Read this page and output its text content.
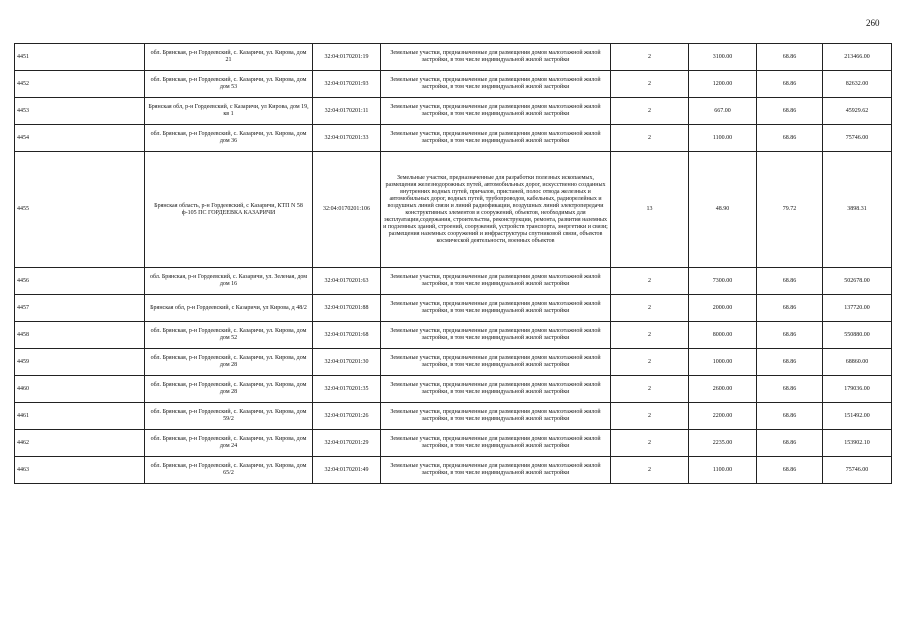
260
4451	обл. Брянская, р-н Гордеевский, с. Казаричи, ул. Кирова, дом 21	32:04:0170201:19	Земельные участки, предназначенные для размещения домов малоэтажной жилой застройки, в том числе индивидуальной жилой застройки	2	3100.00	68.86	213466.00
4452	обл. Брянская, р-н Гордеевский, с. Казаричи, ул. Кирова, дом дом 53	32:04:0170201:93	Земельные участки, предназначенные для размещения домов малоэтажной жилой застройки, в том числе индивидуальной жилой застройки	2	1200.00	68.86	82632.00
4453	Брянская обл, р-н Гордеевский, с Казаричи, ул Кирова, дом 19, кв 1	32:04:0170201:11	Земельные участки, предназначенные для размещения домов малоэтажной жилой застройки, в том числе индивидуальной жилой застройки	2	667.00	68.86	45929.62
4454	обл. Брянская, р-н Гордеевский, с. Казаричи, ул. Кирова, дом дом 36	32:04:0170201:33	Земельные участки, предназначенные для размещения домов малоэтажной жилой застройки, в том числе индивидуальной жилой застройки	2	1100.00	68.86	75746.00
4455	Брянская область, р-н Гордеевский, с Казаричи, КТП N 58 ф-105 ПС ГОРДЕЕВКА КАЗАРИЧИ	32:04:0170201:106	Земельные участки, предназначенные для разработки полезных ископаемых, размещения железнодорожных путей, автомобильных дорог, искусственно созданных внутренних водных путей, причалов, пристаней, полос отвода железных и автомобильных дорог, водных путей, трубопроводов, кабельных, радиорелейных и воздушных линий связи и линий радиофикации, воздушных линий электропередачи конструктивных элементов и сооружений, объектов, необходимых для эксплуатации,содержания, строительства, реконструкции, ремонта, развития наземных и подземных зданий, строений, сооружений, устройств транспорта, энергетики и связи; размещения наземных сооружений и инфраструктуры спутниковой связи, объектов космической деятельности, военных объектов	13	48.90	79.72	3898.31
4456	обл. Брянская, р-н Гордеевский, с. Казаричи, ул. Зеленая, дом дом 16	32:04:0170201:63	Земельные участки, предназначенные для размещения домов малоэтажной жилой застройки, в том числе индивидуальной жилой застройки	2	7300.00	68.86	502678.00
4457	Брянская обл, р-н Гордеевский, с Казаричи, ул Кирова, д 48/2	32:04:0170201:88	Земельные участки, предназначенные для размещения домов малоэтажной жилой застройки, в том числе индивидуальной жилой застройки	2	2000.00	68.86	137720.00
4458	обл. Брянская, р-н Гордеевский, с. Казаричи, ул. Кирова, дом дом 52	32:04:0170201:68	Земельные участки, предназначенные для размещения домов малоэтажной жилой застройки, в том числе индивидуальной жилой застройки	2	8000.00	68.86	550880.00
4459	обл. Брянская, р-н Гордеевский, с. Казаричи, ул. Кирова, дом дом 28	32:04:0170201:30	Земельные участки, предназначенные для размещения домов малоэтажной жилой застройки, в том числе индивидуальной жилой застройки	2	1000.00	68.86	68860.00
4460	обл. Брянская, р-н Гордеевский, с. Казаричи, ул. Кирова, дом дом 28	32:04:0170201:35	Земельные участки, предназначенные для размещения домов малоэтажной жилой застройки, в том числе индивидуальной жилой застройки	2	2600.00	68.86	179036.00
4461	обл. Брянская, р-н Гордеевский, с. Казаричи, ул. Кирова, дом 59/2	32:04:0170201:26	Земельные участки, предназначенные для размещения домов малоэтажной жилой застройки, в том числе индивидуальной жилой застройки	2	2200.00	68.86	151492.00
4462	обл. Брянская, р-н Гордеевский, с. Казаричи, ул. Кирова, дом дом 24	32:04:0170201:29	Земельные участки, предназначенные для размещения домов малоэтажной жилой застройки, в том числе индивидуальной жилой застройки	2	2235.00	68.86	153902.10
4463	обл. Брянская, р-н Гордеевский, с. Казаричи, ул. Кирова, дом 65/2	32:04:0170201:49	Земельные участки, предназначенные для размещения домов малоэтажной жилой застройки, в том числе индивидуальной жилой застройки	2	1100.00	68.86	75746.00
